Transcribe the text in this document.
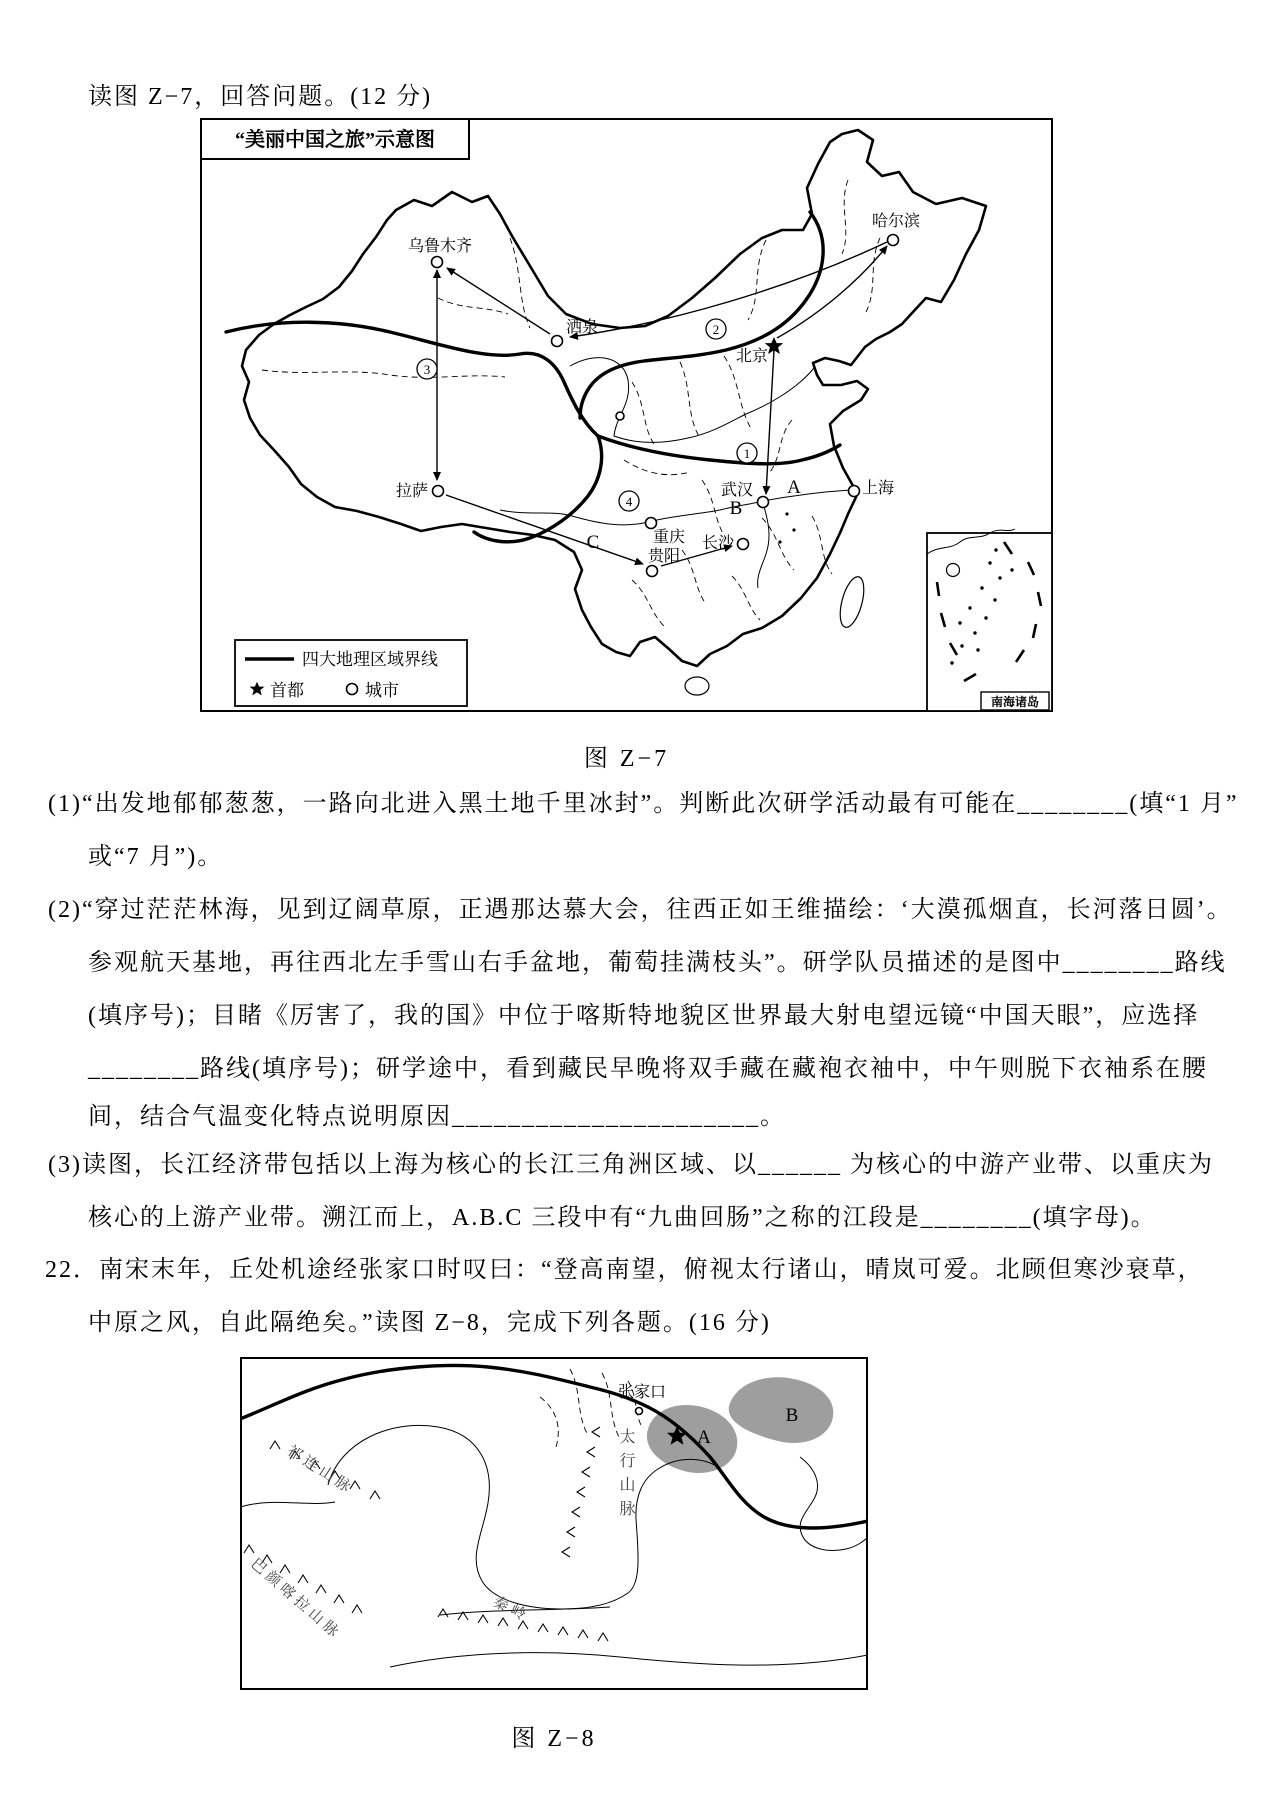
读图 Z−7，回答问题。(12 分)
1
2
3
4
乌鲁木齐
哈尔滨
洒泉
北京
上海
武汉
拉萨
重庆
贵阳
长沙
A
B
C
“美丽中国之旅”示意图
四大地理区域界线
首都	城市
南海诸岛
图 Z−7
(1)“出发地郁郁葱葱，一路向北进入黑土地千里冰封”。判断此次研学活动最有可能在________(填“1 月”
或“7 月”)。
(2)“穿过茫茫林海，见到辽阔草原，正遇那达慕大会，往西正如王维描绘：‘大漠孤烟直，长河落日圆’。
参观航天基地，再往西北左手雪山右手盆地，葡萄挂满枝头”。研学队员描述的是图中________路线
(填序号)；目睹《厉害了，我的国》中位于喀斯特地貌区世界最大射电望远镜“中国天眼”，应选择
________路线(填序号)；研学途中，看到藏民早晚将双手藏在藏袍衣袖中，中午则脱下衣袖系在腰
间，结合气温变化特点说明原因______________________。
(3)读图，长江经济带包括以上海为核心的长江三角洲区域、以______ 为核心的中游产业带、以重庆为
核心的上游产业带。溯江而上，A.B.C 三段中有“九曲回肠”之称的江段是________(填字母)。
22．南宋末年，丘处机途经张家口时叹曰：“登高南望，俯视太行诸山，晴岚可爱。北顾但寒沙衰草，
中原之风，自此隔绝矣。”读图 Z−8，完成下列各题。(16 分)
张家口
A
B
祁连山脉
巴颜喀拉山脉	秦岭
太行山脉
图 Z−8
